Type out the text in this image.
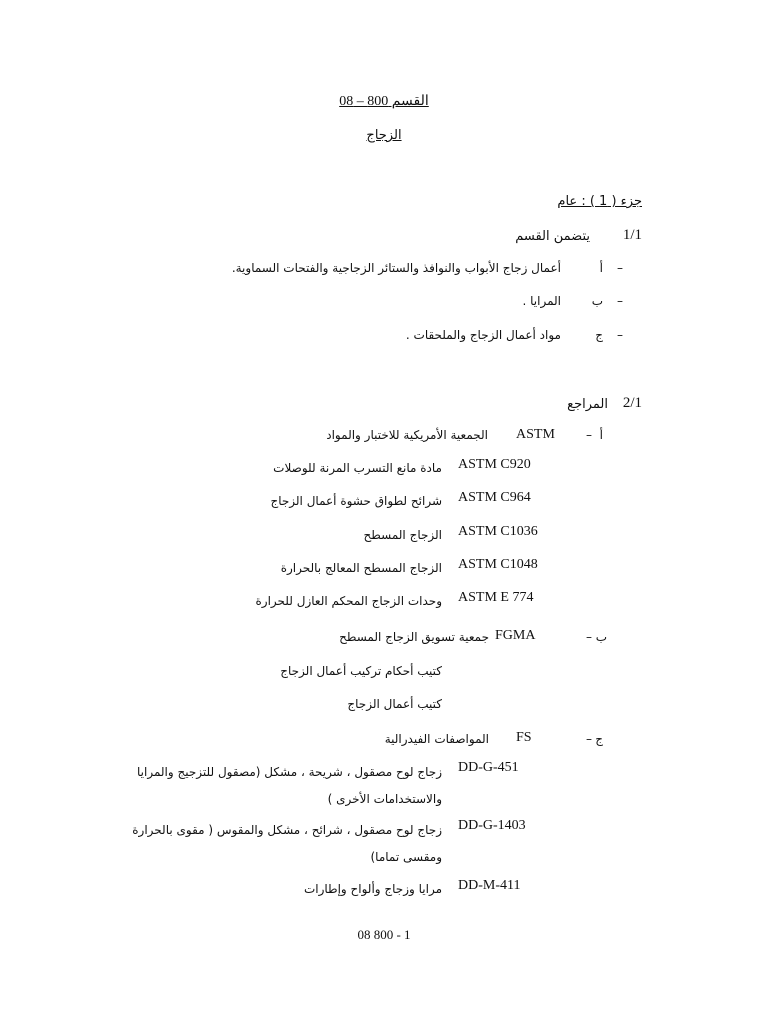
القسم 800 – 08
الزجاج
جزء ( 1 ) : عام
1/1
يتضمن القسم
أ –
أعمال زجاج الأبواب والنوافذ والستائر الزجاجية والفتحات السماوية.
ب –
المرايا .
ج –
مواد أعمال الزجاج والملحقات .
2/1
المراجع
أ
–
ASTM
الجمعية الأمريكية للاختبار والمواد
ASTM C920
مادة مانع التسرب المرنة للوصلات
ASTM C964
شرائح لطواق حشوة أعمال الزجاج
ASTM C1036
الزجاج المسطح
ASTM C1048
الزجاج المسطح المعالج بالحرارة
ASTM E 774
وحدات الزجاج المحكم العازل للحرارة
ب
–
FGMA
جمعية تسويق الزجاج المسطح
كتيب أحكام تركيب أعمال الزجاج
كتيب أعمال الزجاج
ج
–
FS
المواصفات الفيدرالية
DD-G-451
زجاج لوح مصقول ، شريحة ، مشكل (مصقول للتزجيج والمرايا
والاستخدامات الأخرى )
DD-G-1403
زجاج لوح مصقول ، شرائح ، مشكل والمقوس ( مقوى بالحرارة
ومقسى تماما)
DD-M-411
مرايا وزجاج وألواح وإطارات
08 800 - 1
